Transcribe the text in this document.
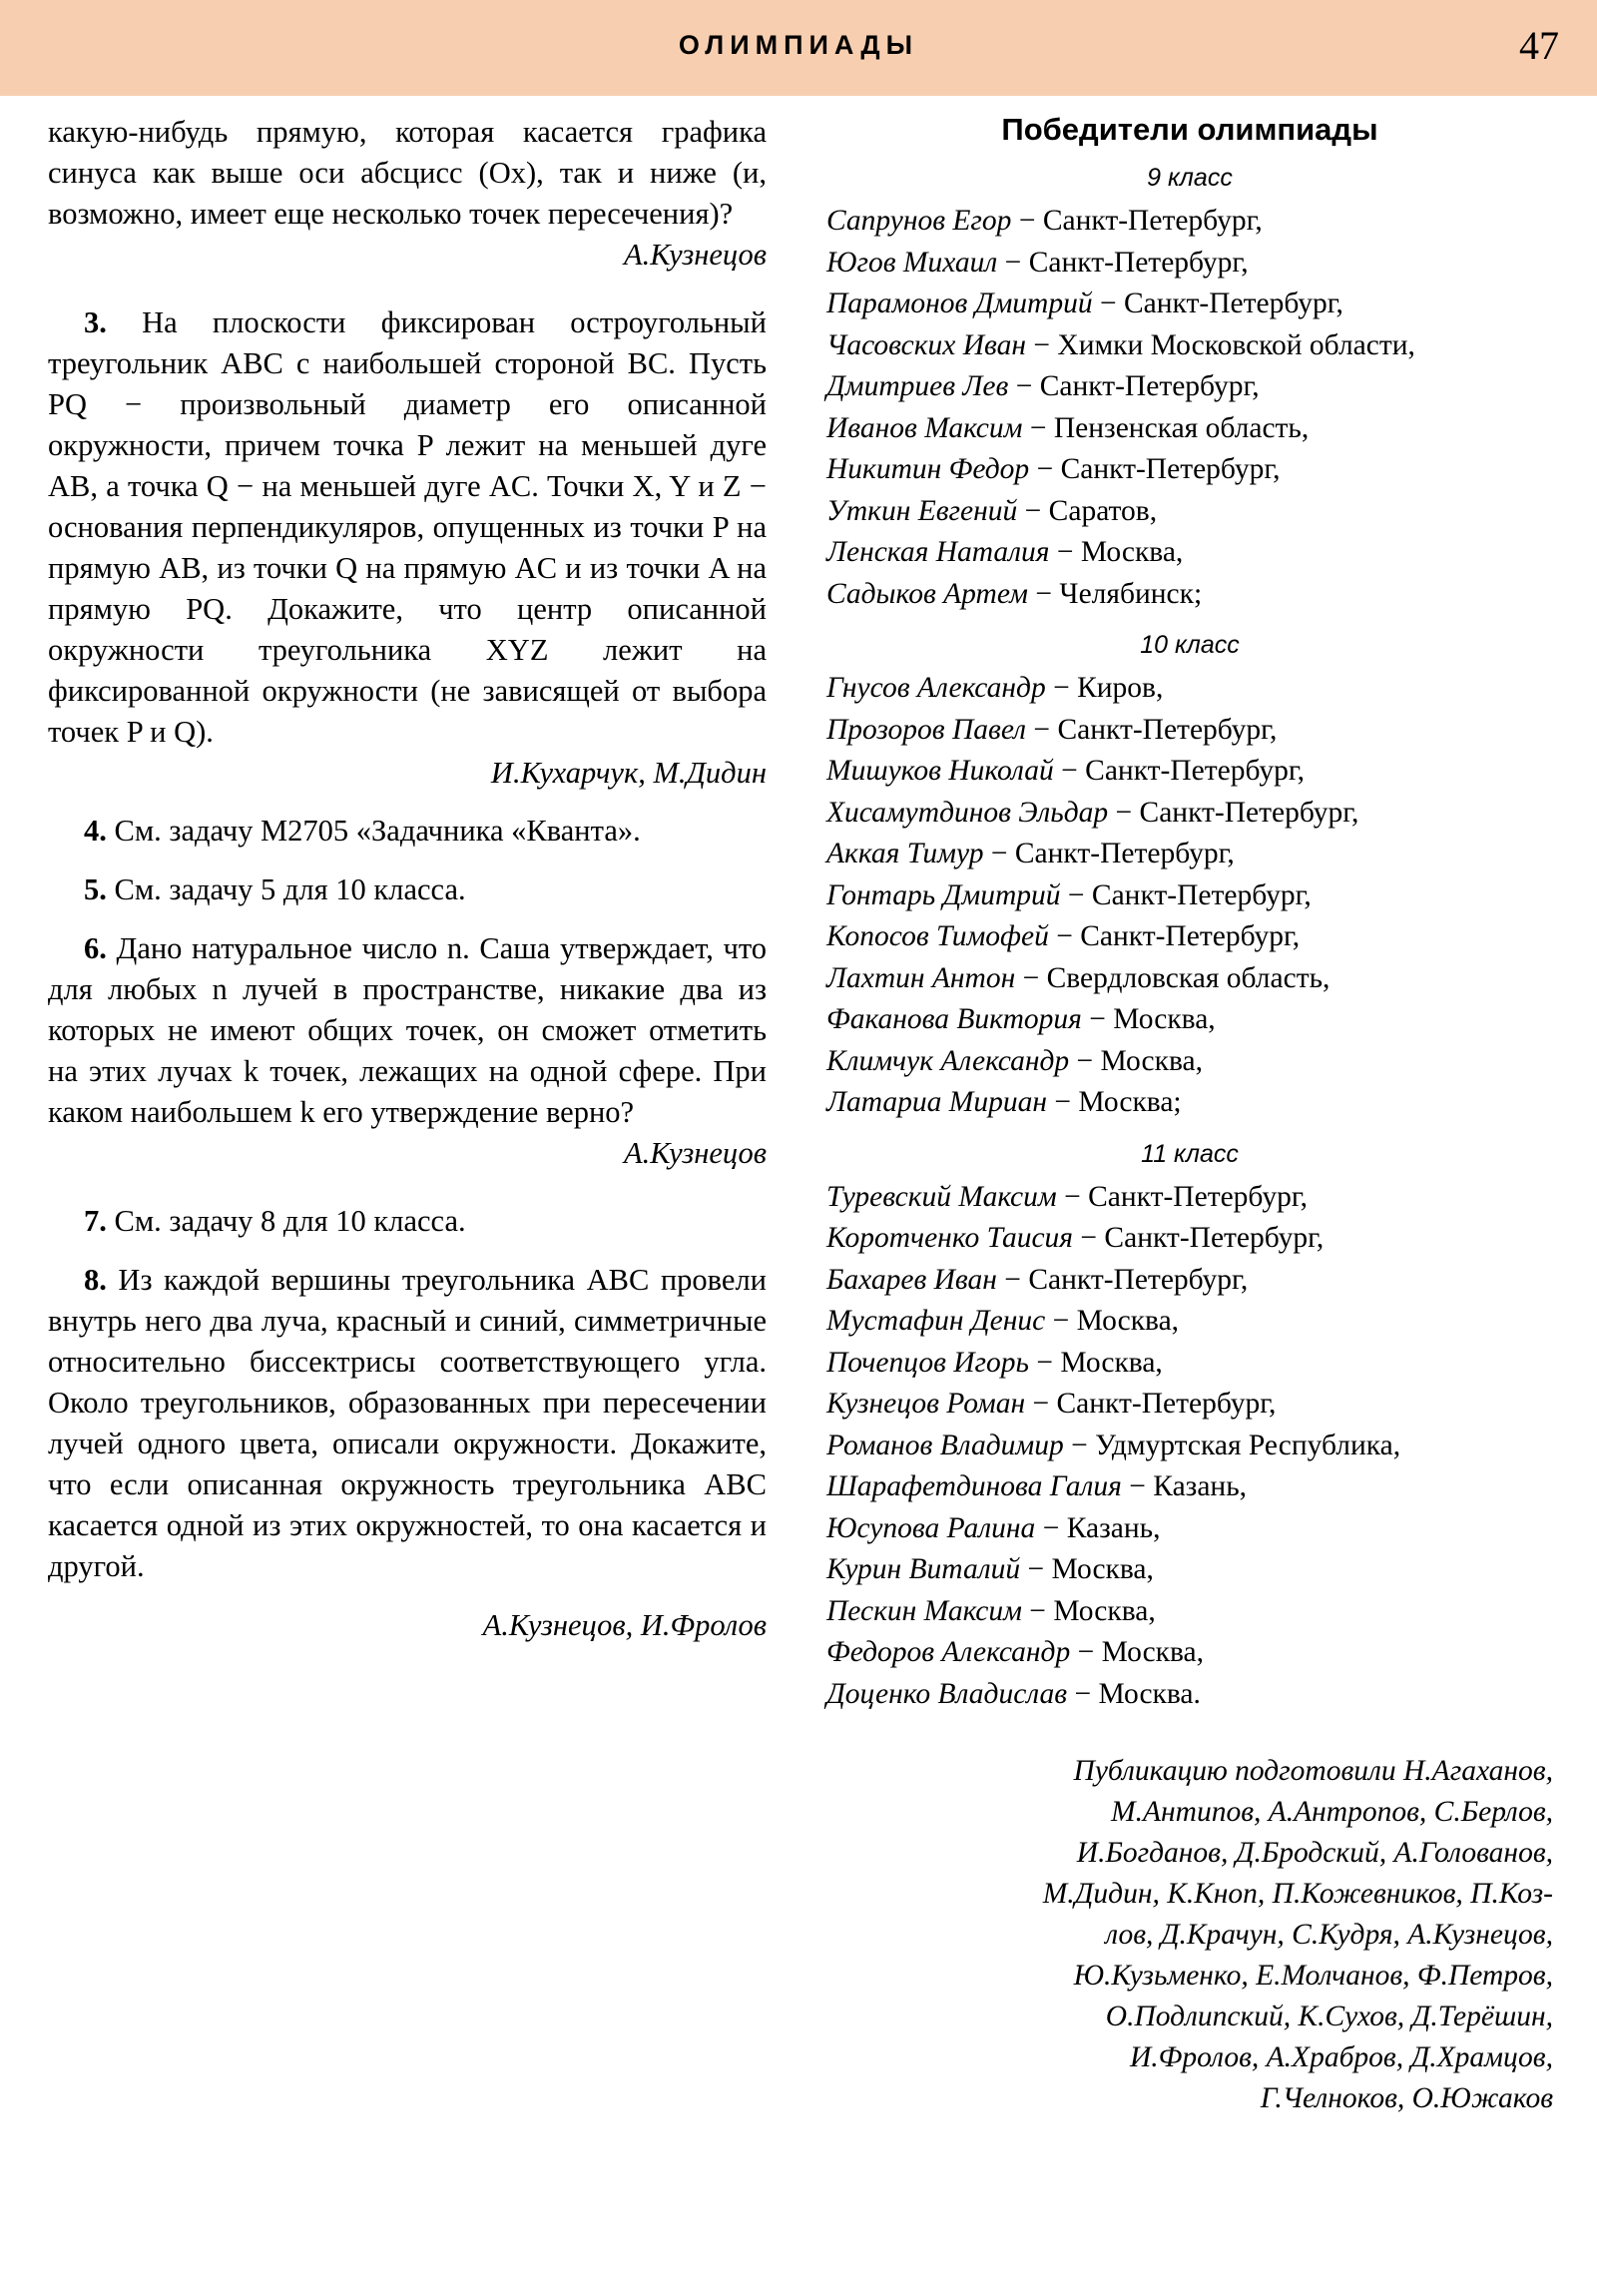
ОЛИМПИАДЫ	47

какую-нибудь прямую, которая касается графика синуса как выше оси абсцисс (Ox), так и ниже (и, возможно, имеет еще несколько точек пересечения)?

А.Кузнецов

3. На плоскости фиксирован остроугольный треугольник ABC с наибольшей стороной BC. Пусть PQ − произвольный диаметр его описанной окружности, причем точка P лежит на меньшей дуге AB, а точка Q − на меньшей дуге AC. Точки X, Y и Z − основания перпендикуляров, опущенных из точки P на прямую AB, из точки Q на прямую AC и из точки A на прямую PQ. Докажите, что центр описанной окружности треугольника XYZ лежит на фиксированной окружности (не зависящей от выбора точек P и Q).

И.Кухарчук, М.Дидин

4. См. задачу M2705 «Задачника «Кванта».

5. См. задачу 5 для 10 класса.

6. Дано натуральное число n. Саша утверждает, что для любых n лучей в пространстве, никакие два из которых не имеют общих точек, он сможет отметить на этих лучах k точек, лежащих на одной сфере. При каком наибольшем k его утверждение верно?

А.Кузнецов

7. См. задачу 8 для 10 класса.

8. Из каждой вершины треугольника ABC провели внутрь него два луча, красный и синий, симметричные относительно биссектрисы соответствующего угла. Около треугольников, образованных при пересечении лучей одного цвета, описали окружности. Докажите, что если описанная окружность треугольника ABC касается одной из этих окружностей, то она касается и другой.

А.Кузнецов, И.Фролов

Победители олимпиады
9 класс

Сапрунов Егор − Санкт-Петербург,

Югов Михаил − Санкт-Петербург,

Парамонов Дмитрий − Санкт-Петербург,

Часовских Иван − Химки Московской области,

Дмитриев Лев − Санкт-Петербург,

Иванов Максим − Пензенская область,

Никитин Федор − Санкт-Петербург,

Уткин Евгений − Саратов,

Ленская Наталия − Москва,

Садыков Артем − Челябинск;

10 класс

Гнусов Александр − Киров,

Прозоров Павел − Санкт-Петербург,

Мишуков Николай − Санкт-Петербург,

Хисамутдинов Эльдар − Санкт-Петербург,

Аккая Тимур − Санкт-Петербург,

Гонтарь Дмитрий − Санкт-Петербург,

Копосов Тимофей − Санкт-Петербург,

Лахтин Антон − Свердловская область,

Факанова Виктория − Москва,

Климчук Александр − Москва,

Латариа Мириан − Москва;

11 класс

Туревский Максим − Санкт-Петербург,

Коротченко Таисия − Санкт-Петербург,

Бахарев Иван − Санкт-Петербург,

Мустафин Денис − Москва,

Почепцов Игорь − Москва,

Кузнецов Роман − Санкт-Петербург,

Романов Владимир − Удмуртская Республика,

Шарафетдинова Галия − Казань,

Юсупова Ралина − Казань,

Курин Виталий − Москва,

Пескин Максим − Москва,

Федоров Александр − Москва,

Доценко Владислав − Москва.

Публикацию подготовили Н.Агаханов,
М.Антипов, А.Антропов, С.Берлов,
И.Богданов, Д.Бродский, А.Голованов,
М.Дидин, К.Кноп, П.Кожевников, П.Коз-
лов, Д.Крачун, С.Кудря, А.Кузнецов,
Ю.Кузьменко, Е.Молчанов, Ф.Петров,
О.Подлипский, К.Сухов, Д.Терёшин,
И.Фролов, А.Храбров, Д.Храмцов,
Г.Челноков, О.Южаков
